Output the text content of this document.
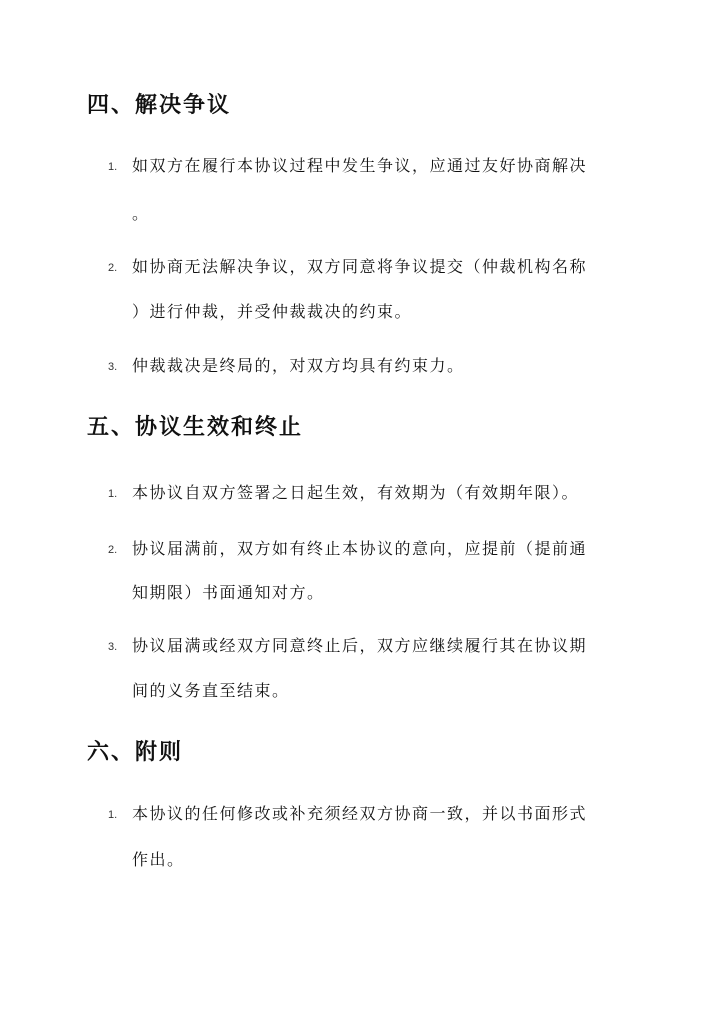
四、解决争议
1. 如双方在履行本协议过程中发生争议，应通过友好协商解决
。
2. 如协商无法解决争议，双方同意将争议提交（仲裁机构名称
）进行仲裁，并受仲裁裁决的约束。
3. 仲裁裁决是终局的，对双方均具有约束力。
五、协议生效和终止
1. 本协议自双方签署之日起生效，有效期为（有效期年限）。
2. 协议届满前，双方如有终止本协议的意向，应提前（提前通
知期限）书面通知对方。
3. 协议届满或经双方同意终止后，双方应继续履行其在协议期
间的义务直至结束。
六、附则
1. 本协议的任何修改或补充须经双方协商一致，并以书面形式
作出。
